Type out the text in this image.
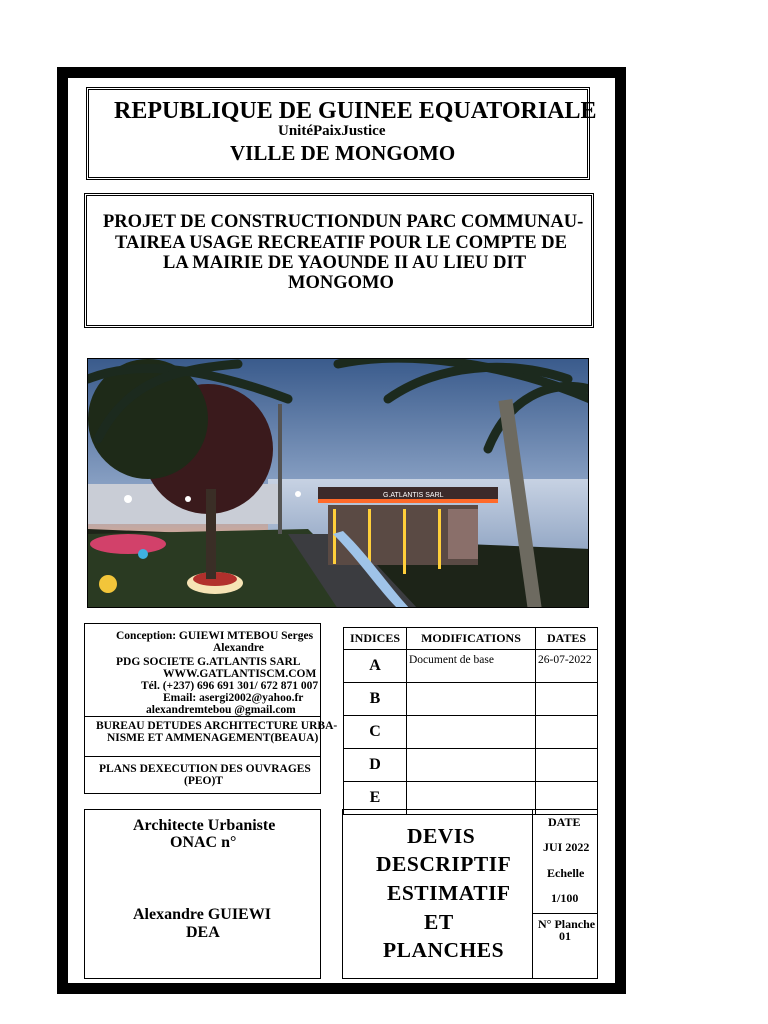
REPUBLIQUE DE GUINEE EQUATORIALE
UnitéPaixJustice
VILLE DE MONGOMO
PROJET DE CONSTRUCTIONDUN PARC COMMUNAU-
TAIREA USAGE RECREATIF POUR LE COMPTE DE
LA MAIRIE DE YAOUNDE II AU LIEU DIT
MONGOMO
G.ATLANTIS SARL
Conception: GUIEWI MTEBOU Serges
Alexandre
PDG SOCIETE G.ATLANTIS SARL
WWW.GATLANTISCM.COM
Tél. (+237) 696 691 301/ 672 871 007
Email: asergi2002@yahoo.fr
alexandremtebou @gmail.com
BUREAU DETUDES ARCHITECTURE URBA-
NISME ET AMMENAGEMENT(BEAUA)
PLANS DEXECUTION DES OUVRAGES
(PEO)T
INDICES	MODIFICATIONS	DATES
A	Document de base	26-07-2022
B		
C		
D		
E		
Architecte Urbaniste
ONAC n°
Alexandre GUIEWI
DEA
DEVIS
DESCRIPTIF
ESTIMATIF
ET
PLANCHES
DATE
JUI 2022
Echelle
1/100
N° Planche
01
